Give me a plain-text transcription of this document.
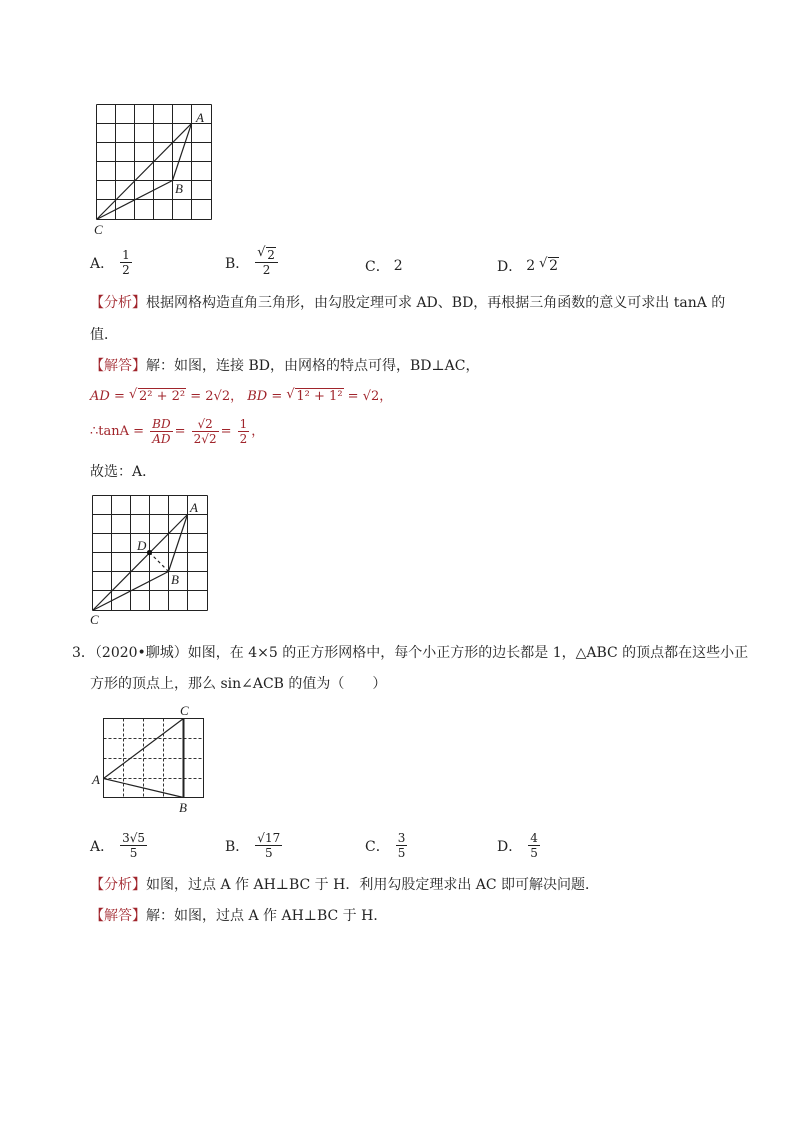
A
B
C
A． $\frac{1}{2}$	B． √ $\frac{2}{2}$	C． 2	D． 2	√ 2
【分析】根据网格构造直角三角形，由勾股定理可求 AD、BD，再根据三角函数的意义可求出 tanA 的
值．
【解答】解：如图，连接 BD，由网格的特点可得，BD⊥AC，
AD = √ 2² + 2² = 2√2， BD = √ 1² + 1² = √2，
∴tanA = $\frac{BD}{AD} = \frac{√2}{2√2} = \frac{1}{2}$ ，
故选：A．
A
D
B
C
3．（2020•聊城）如图，在 4×5 的正方形网格中，每个小正方形的边长都是 1，△ABC 的顶点都在这些小正
方形的顶点上，那么 sin∠ACB 的值为（　　）
C
A
B
A． $\frac{3√5}{5}$	B． $\frac{√17}{5}$	C． $\frac{3}{5}$	D． $\frac{4}{5}$
【分析】如图，过点 A 作 AH⊥BC 于 H．利用勾股定理求出 AC 即可解决问题．
【解答】解：如图，过点 A 作 AH⊥BC 于 H．
